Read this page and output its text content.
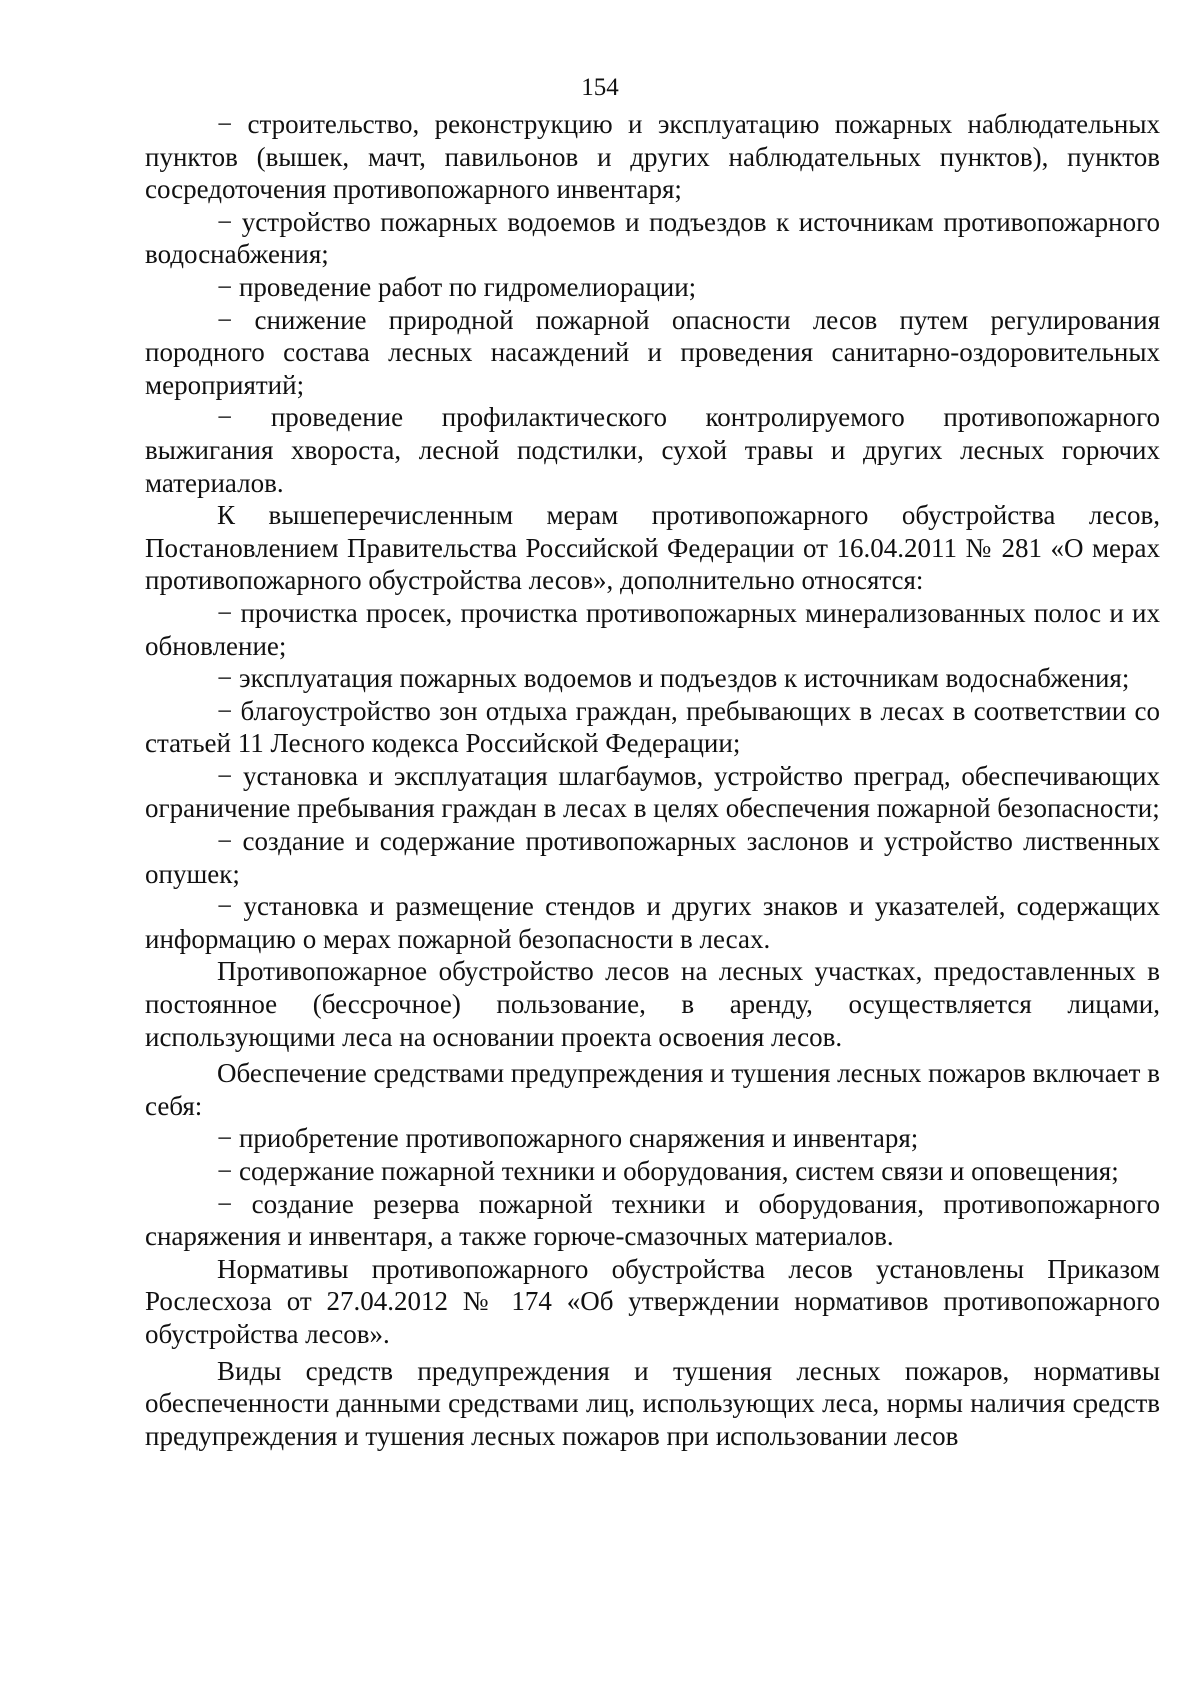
154

− строительство, реконструкцию и эксплуатацию пожарных наблюдательных пунктов (вышек, мачт, павильонов и других наблюдательных пунктов), пунктов сосредоточения противопожарного инвентаря;

− устройство пожарных водоемов и подъездов к источникам противопожарного водоснабжения;

− проведение работ по гидромелиорации;

− снижение природной пожарной опасности лесов путем регулирования породного состава лесных насаждений и проведения санитарно-оздоровительных мероприятий;

− проведение профилактического контролируемого противопожарного выжигания хвороста, лесной подстилки, сухой травы и других лесных горючих материалов.

К вышеперечисленным мерам противопожарного обустройства лесов, Постановлением Правительства Российской Федерации от 16.04.2011 № 281 «О мерах противопожарного обустройства лесов», дополнительно относятся:

− прочистка просек, прочистка противопожарных минерализованных полос и их обновление;

− эксплуатация пожарных водоемов и подъездов к источникам водоснабжения;

− благоустройство зон отдыха граждан, пребывающих в лесах в соответствии со статьей 11 Лесного кодекса Российской Федерации;

− установка и эксплуатация шлагбаумов, устройство преград, обеспечивающих ограничение пребывания граждан в лесах в целях обеспечения пожарной безопасности;

− создание и содержание противопожарных заслонов и устройство лиственных опушек;

− установка и размещение стендов и других знаков и указателей, содержащих информацию о мерах пожарной безопасности в лесах.

Противопожарное обустройство лесов на лесных участках, предоставленных в постоянное (бессрочное) пользование, в аренду, осуществляется лицами, использующими леса на основании проекта освоения лесов.

Обеспечение средствами предупреждения и тушения лесных пожаров включает в себя:

− приобретение противопожарного снаряжения и инвентаря;

− содержание пожарной техники и оборудования, систем связи и оповещения;

− создание резерва пожарной техники и оборудования, противопожарного снаряжения и инвентаря, а также горюче-смазочных материалов.

Нормативы противопожарного обустройства лесов установлены Приказом Рослесхоза от 27.04.2012 № 174 «Об утверждении нормативов противопожарного обустройства лесов».

Виды средств предупреждения и тушения лесных пожаров, нормативы обеспеченности данными средствами лиц, использующих леса, нормы наличия средств предупреждения и тушения лесных пожаров при использовании лесов
